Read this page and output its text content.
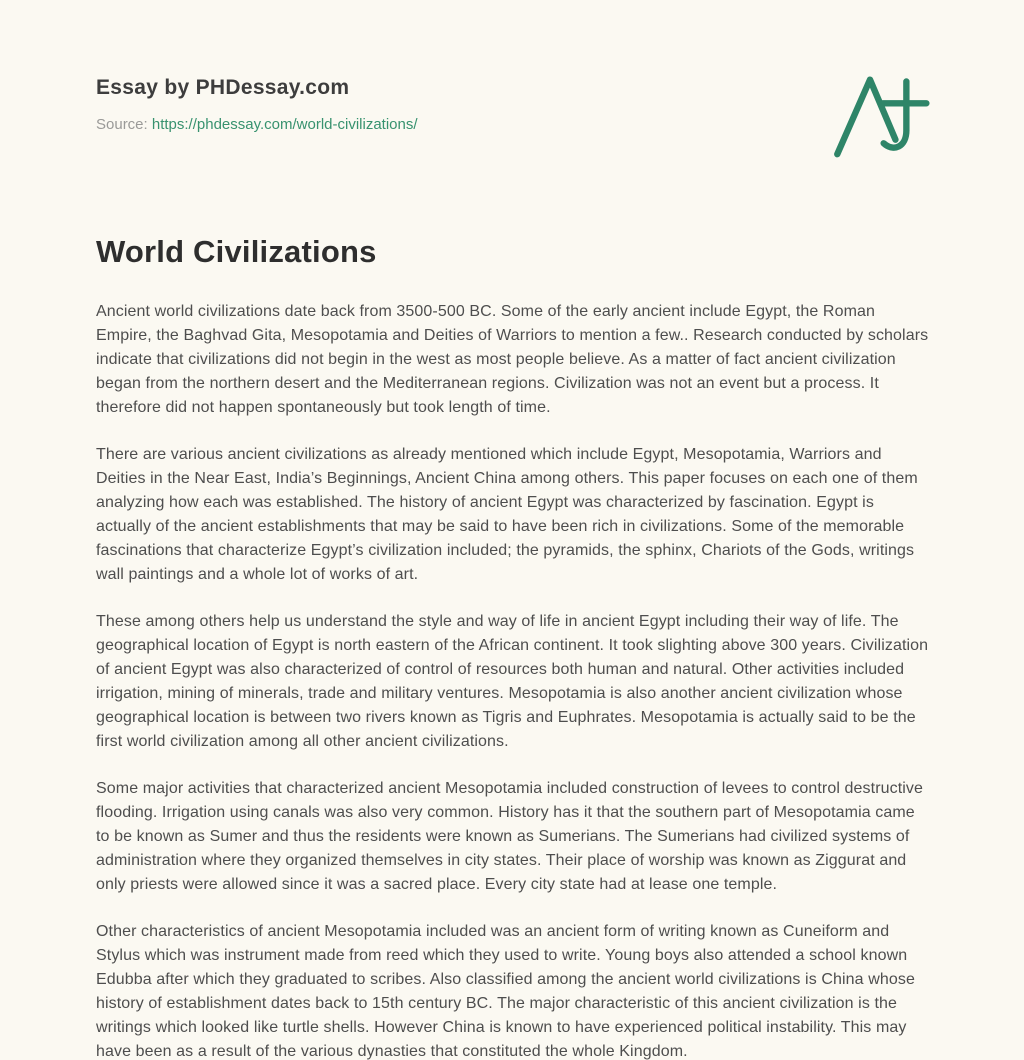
Essay by PHDessay.com
Source: https://phdessay.com/world-civilizations/
World Civilizations

Ancient world civilizations date back from 3500-500 BC. Some of the early ancient include Egypt, the Roman Empire, the Baghvad Gita, Mesopotamia and Deities of Warriors to mention a few.. Research conducted by scholars indicate that civilizations did not begin in the west as most people believe. As a matter of fact ancient civilization began from the northern desert and the Mediterranean regions. Civilization was not an event but a process. It therefore did not happen spontaneously but took length of time.

There are various ancient civilizations as already mentioned which include Egypt, Mesopotamia, Warriors and Deities in the Near East, India’s Beginnings, Ancient China among others. This paper focuses on each one of them analyzing how each was established. The history of ancient Egypt was characterized by fascination. Egypt is actually of the ancient establishments that may be said to have been rich in civilizations. Some of the memorable fascinations that characterize Egypt’s civilization included; the pyramids, the sphinx, Chariots of the Gods, writings wall paintings and a whole lot of works of art.

These among others help us understand the style and way of life in ancient Egypt including their way of life. The geographical location of Egypt is north eastern of the African continent. It took slighting above 300 years. Civilization of ancient Egypt was also characterized of control of resources both human and natural. Other activities included irrigation, mining of minerals, trade and military ventures. Mesopotamia is also another ancient civilization whose geographical location is between two rivers known as Tigris and Euphrates. Mesopotamia is actually said to be the first world civilization among all other ancient civilizations.

Some major activities that characterized ancient Mesopotamia included construction of levees to control destructive flooding. Irrigation using canals was also very common. History has it that the southern part of Mesopotamia came to be known as Sumer and thus the residents were known as Sumerians. The Sumerians had civilized systems of administration where they organized themselves in city states. Their place of worship was known as Ziggurat and only priests were allowed since it was a sacred place. Every city state had at lease one temple.

Other characteristics of ancient Mesopotamia included was an ancient form of writing known as Cuneiform and Stylus which was instrument made from reed which they used to write. Young boys also attended a school known Edubba after which they graduated to scribes. Also classified among the ancient world civilizations is China whose history of establishment dates back to 15th century BC. The major characteristic of this ancient civilization is the writings which looked like turtle shells. However China is known to have experienced political instability. This may have been as a result of the various dynasties that constituted the whole Kingdom.
